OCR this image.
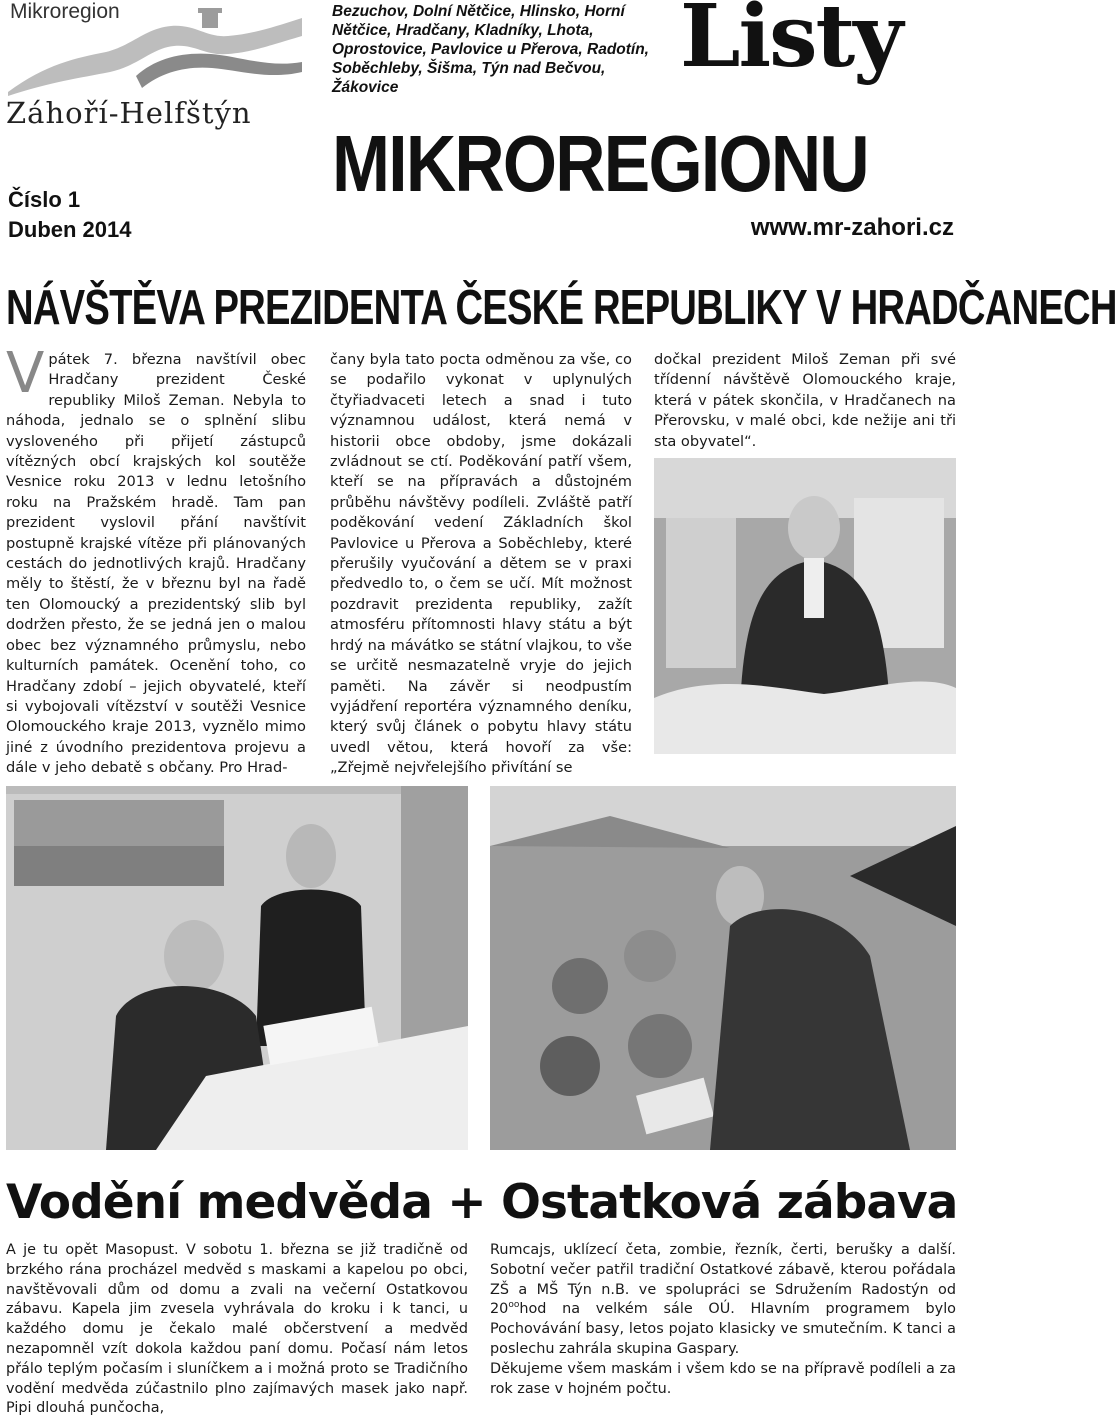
Mikroregion
Záhoří-Helfštýn
Číslo 1
Duben 2014
Bezuchov, Dolní Nětčice, Hlinsko, Horní Nětčice, Hradčany, Kladníky, Lhota, Oprostovice, Pavlovice u Přerova, Radotín, Soběchleby, Šišma, Týn nad Bečvou, Žákovice
Listy
MIKROREGIONU
www.mr-zahori.cz
NÁVŠTĚVA PREZIDENTA ČESKÉ REPUBLIKY V HRADČANECH
V pátek 7. března navštívil obec Hradčany prezident České republiky Miloš Zeman. Nebyla to náhoda, jednalo se o splnění slibu vysloveného při přijetí zástupců vítězných obcí krajských kol soutěže Vesnice roku 2013 v lednu letošního roku na Pražském hradě. Tam pan prezident vyslovil přání navštívit postupně krajské vítěze při plánovaných cestách do jednotlivých krajů. Hradčany měly to štěstí, že v březnu byl na řadě ten Olomoucký a prezidentský slib byl dodržen přesto, že se jedná jen o malou obec bez významného průmyslu, nebo kulturních památek. Ocenění toho, co Hradčany zdobí – jejich obyvatelé, kteří si vybojovali vítězství v soutěži Vesnice Olomouckého kraje 2013, vyznělo mimo jiné z úvodního prezidentova projevu a dále v jeho debatě s občany. Pro Hrad-
čany byla tato pocta odměnou za vše, co se podařilo vykonat v uplynulých čtyřiadvaceti letech a snad i tuto významnou událost, která nemá v historii obce obdoby, jsme dokázali zvládnout se ctí. Poděkování patří všem, kteří se na přípravách a důstojném průběhu návštěvy podíleli. Zvláště patří poděkování vedení Základních škol Pavlovice u Přerova a Soběchleby, které přerušily vyučování a dětem se v praxi předvedlo to, o čem se učí. Mít možnost pozdravit prezidenta republiky, zažít atmosféru přítomnosti hlavy státu a být hrdý na mávátko se státní vlajkou, to vše se určitě nesmazatelně vryje do jejich paměti. Na závěr si neodpustím vyjádření reportéra významného deníku, který svůj článek o pobytu hlavy státu uvedl větou, která hovoří za vše: „Zřejmě nejvřelejšího přivítání se
dočkal prezident Miloš Zeman při své třídenní návštěvě Olomouckého kraje, která v pátek skončila, v Hradčanech na Přerovsku, v malé obci, kde nežije ani tři sta obyvatel“.
Vodění medvěda + Ostatková zábava
A je tu opět Masopust. V sobotu 1. března se již tradičně od brzkého rána procházel medvěd s maskami a kapelou po obci, navštěvovali dům od domu a zvali na večerní Ostatkovou zábavu. Kapela jim zvesela vyhrávala do kroku i k tanci, u každého domu je čekalo malé občerstvení a medvěd nezapomněl vzít dokola každou paní domu. Počasí nám letos přálo teplým počasím i sluníčkem a i možná proto se Tradičního vodění medvěda zúčastnilo plno zajímavých masek jako např. Pipi dlouhá punčocha,
Rumcajs, uklízecí četa, zombie, řezník, čerti, berušky a další. Sobotní večer patřil tradiční Ostatkové zábavě, kterou pořádala ZŠ a MŠ Týn n.B. ve spolupráci se Sdružením Radostýn od $20^{oo}hod$ na velkém sále OÚ. Hlavním programem bylo Pochovávání basy, letos pojato klasicky ve smutečním. K tanci a poslechu zahrála skupina Gaspary.
Děkujeme všem maskám i všem kdo se na přípravě podíleli a za rok zase v hojném počtu.
